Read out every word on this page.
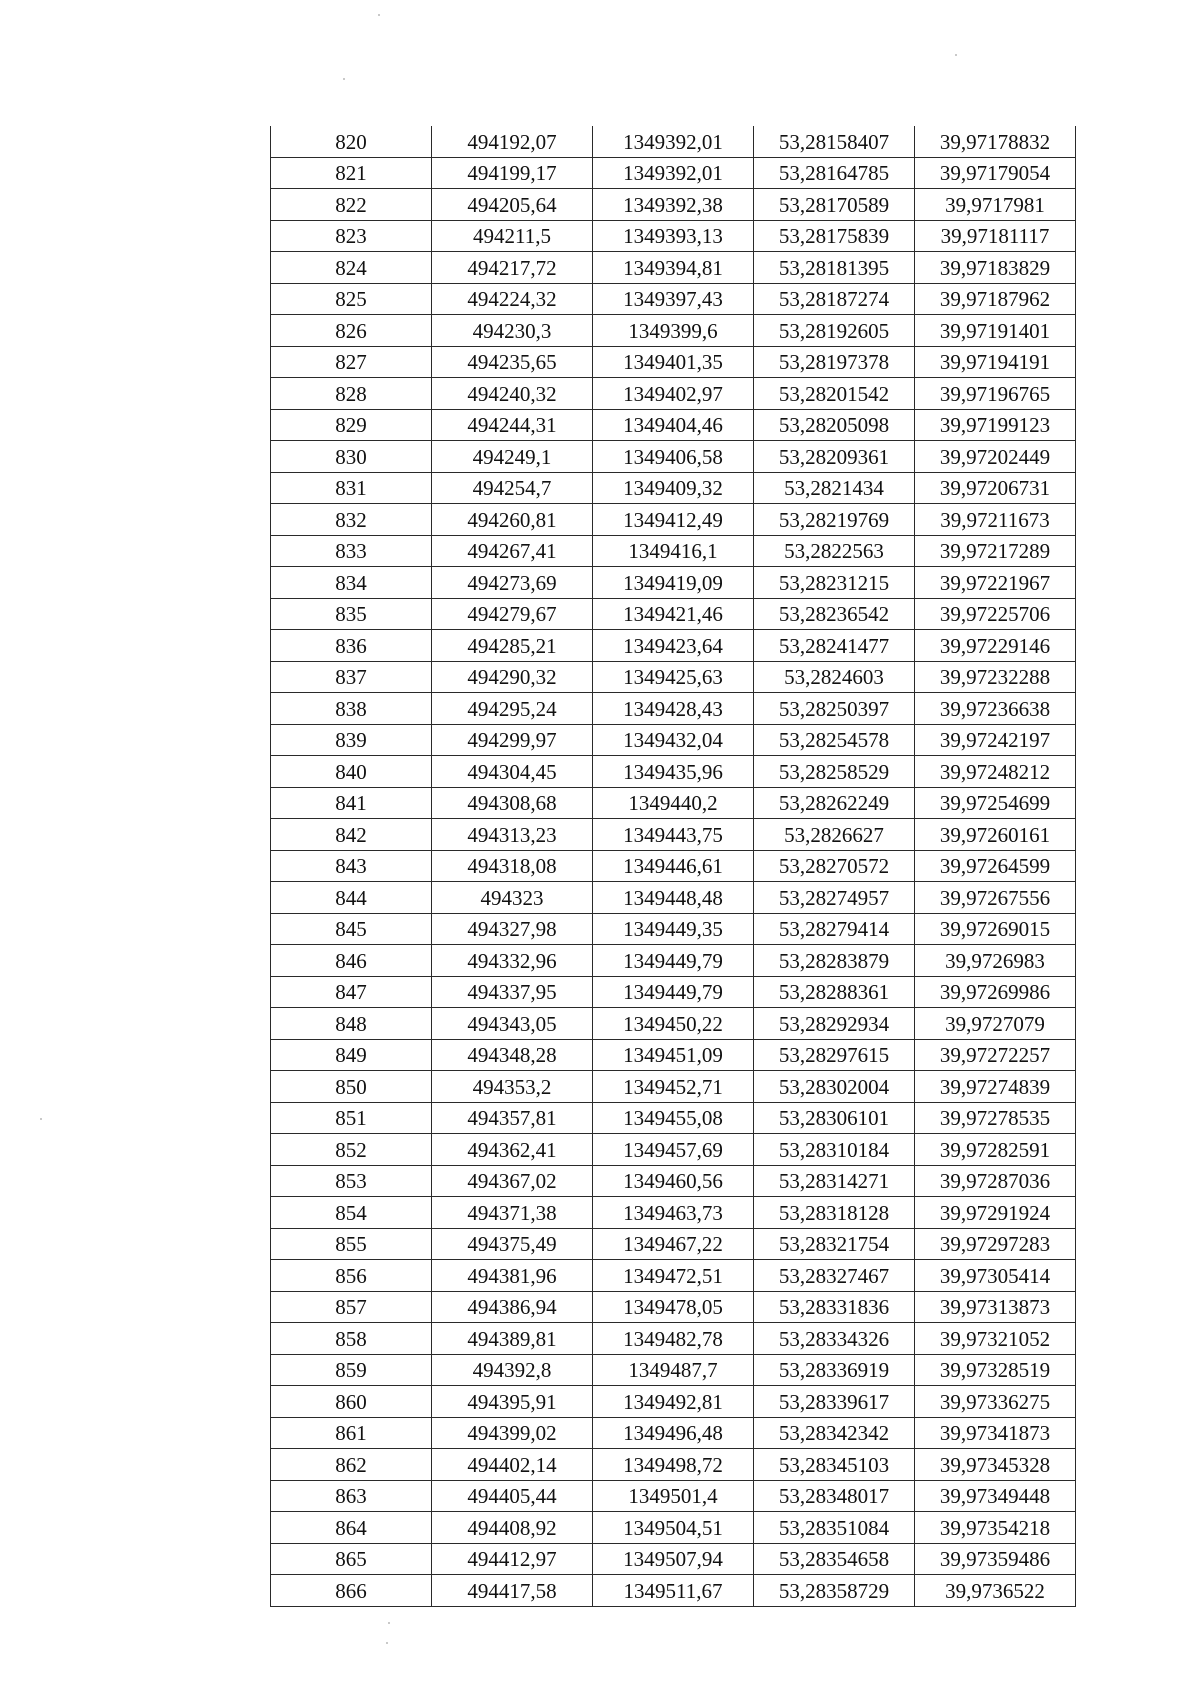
820	494192,07	1349392,01	53,28158407	39,97178832
821	494199,17	1349392,01	53,28164785	39,97179054
822	494205,64	1349392,38	53,28170589	39,9717981
823	494211,5	1349393,13	53,28175839	39,97181117
824	494217,72	1349394,81	53,28181395	39,97183829
825	494224,32	1349397,43	53,28187274	39,97187962
826	494230,3	1349399,6	53,28192605	39,97191401
827	494235,65	1349401,35	53,28197378	39,97194191
828	494240,32	1349402,97	53,28201542	39,97196765
829	494244,31	1349404,46	53,28205098	39,97199123
830	494249,1	1349406,58	53,28209361	39,97202449
831	494254,7	1349409,32	53,2821434	39,97206731
832	494260,81	1349412,49	53,28219769	39,97211673
833	494267,41	1349416,1	53,2822563	39,97217289
834	494273,69	1349419,09	53,28231215	39,97221967
835	494279,67	1349421,46	53,28236542	39,97225706
836	494285,21	1349423,64	53,28241477	39,97229146
837	494290,32	1349425,63	53,2824603	39,97232288
838	494295,24	1349428,43	53,28250397	39,97236638
839	494299,97	1349432,04	53,28254578	39,97242197
840	494304,45	1349435,96	53,28258529	39,97248212
841	494308,68	1349440,2	53,28262249	39,97254699
842	494313,23	1349443,75	53,2826627	39,97260161
843	494318,08	1349446,61	53,28270572	39,97264599
844	494323	1349448,48	53,28274957	39,97267556
845	494327,98	1349449,35	53,28279414	39,97269015
846	494332,96	1349449,79	53,28283879	39,9726983
847	494337,95	1349449,79	53,28288361	39,97269986
848	494343,05	1349450,22	53,28292934	39,9727079
849	494348,28	1349451,09	53,28297615	39,97272257
850	494353,2	1349452,71	53,28302004	39,97274839
851	494357,81	1349455,08	53,28306101	39,97278535
852	494362,41	1349457,69	53,28310184	39,97282591
853	494367,02	1349460,56	53,28314271	39,97287036
854	494371,38	1349463,73	53,28318128	39,97291924
855	494375,49	1349467,22	53,28321754	39,97297283
856	494381,96	1349472,51	53,28327467	39,97305414
857	494386,94	1349478,05	53,28331836	39,97313873
858	494389,81	1349482,78	53,28334326	39,97321052
859	494392,8	1349487,7	53,28336919	39,97328519
860	494395,91	1349492,81	53,28339617	39,97336275
861	494399,02	1349496,48	53,28342342	39,97341873
862	494402,14	1349498,72	53,28345103	39,97345328
863	494405,44	1349501,4	53,28348017	39,97349448
864	494408,92	1349504,51	53,28351084	39,97354218
865	494412,97	1349507,94	53,28354658	39,97359486
866	494417,58	1349511,67	53,28358729	39,9736522
